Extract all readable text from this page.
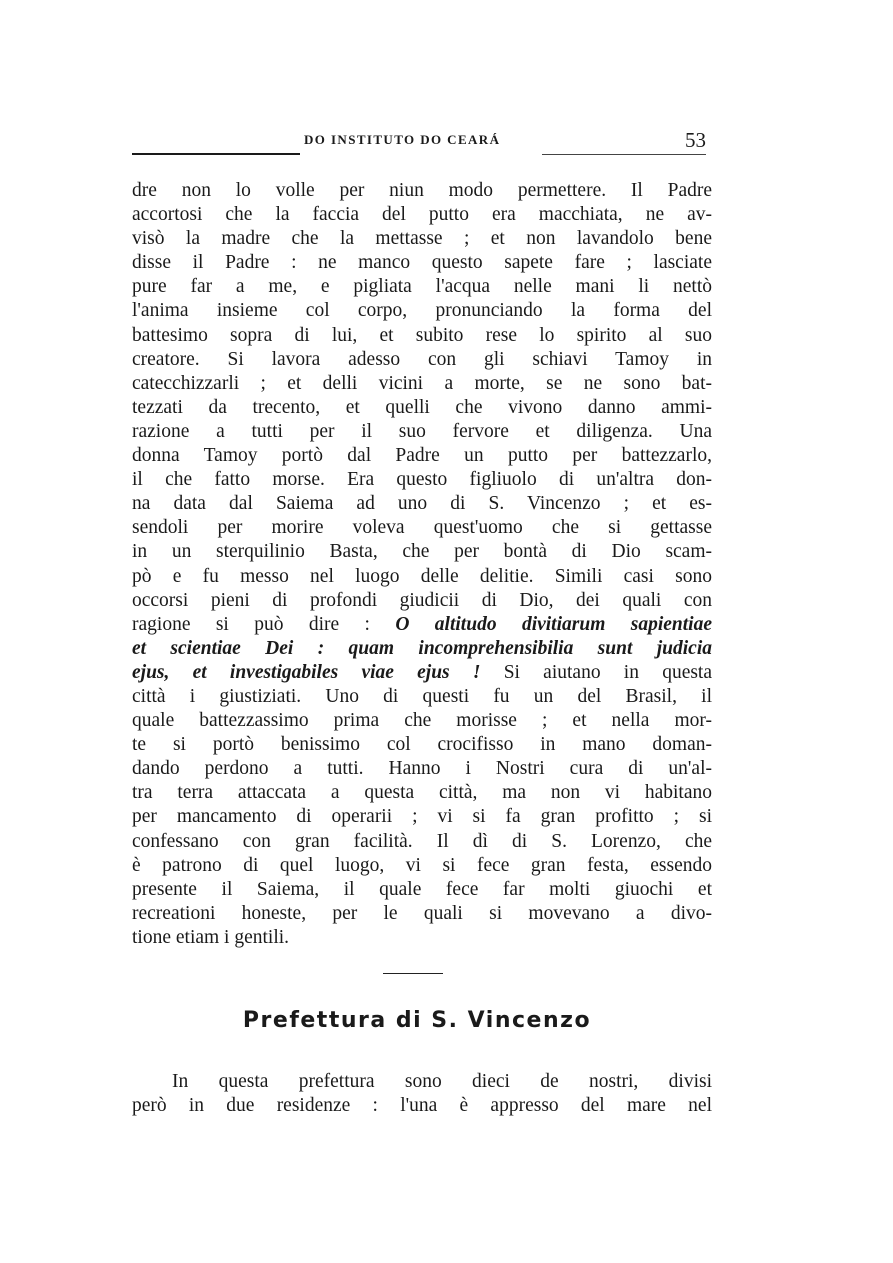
DO INSTITUTO DO CEARÁ	53
dre non lo volle per niun modo permettere. Il Padre
accortosi che la faccia del putto era macchiata, ne av-
visò la madre che la mettasse ; et non lavandolo bene
disse il Padre : ne manco questo sapete fare ; lasciate
pure far a me, e pigliata l'acqua nelle mani li nettò
l'anima insieme col corpo, pronunciando la forma del
battesimo sopra di lui, et subito rese lo spirito al suo
creatore. Si lavora adesso con gli schiavi Tamoy in
catecchizzarli ; et delli vicini a morte, se ne sono bat-
tezzati da trecento, et quelli che vivono danno ammi-
razione a tutti per il suo fervore et diligenza. Una
donna Tamoy portò dal Padre un putto per battezzarlo,
il che fatto morse. Era questo figliuolo di un'altra don-
na data dal Saiema ad uno di S. Vincenzo ; et es-
sendoli per morire voleva quest'uomo che si gettasse
in un sterquilinio Basta, che per bontà di Dio scam-
pò e fu messo nel luogo delle delitie. Simili casi sono
occorsi pieni di profondi giudicii di Dio, dei quali con
ragione si può dire : O altitudo divitiarum sapientiae
et scientiae Dei : quam incomprehensibilia sunt judicia
ejus, et investigabiles viae ejus ! Si aiutano in questa
città i giustiziati. Uno di questi fu un del Brasil, il
quale battezzassimo prima che morisse ; et nella mor-
te si portò benissimo col crocifisso in mano doman-
dando perdono a tutti. Hanno i Nostri cura di un'al-
tra terra attaccata a questa città, ma non vi habitano
per mancamento di operarii ; vi si fa gran profitto ; si
confessano con gran facilità. Il dì di S. Lorenzo, che
è patrono di quel luogo, vi si fece gran festa, essendo
presente il Saiema, il quale fece far molti giuochi et
recreationi honeste, per le quali si movevano a divo-
tione etiam i gentili.
Prefettura di S. Vincenzo
In questa prefettura sono dieci de nostri, divisi
però in due residenze : l'una è appresso del mare nel
